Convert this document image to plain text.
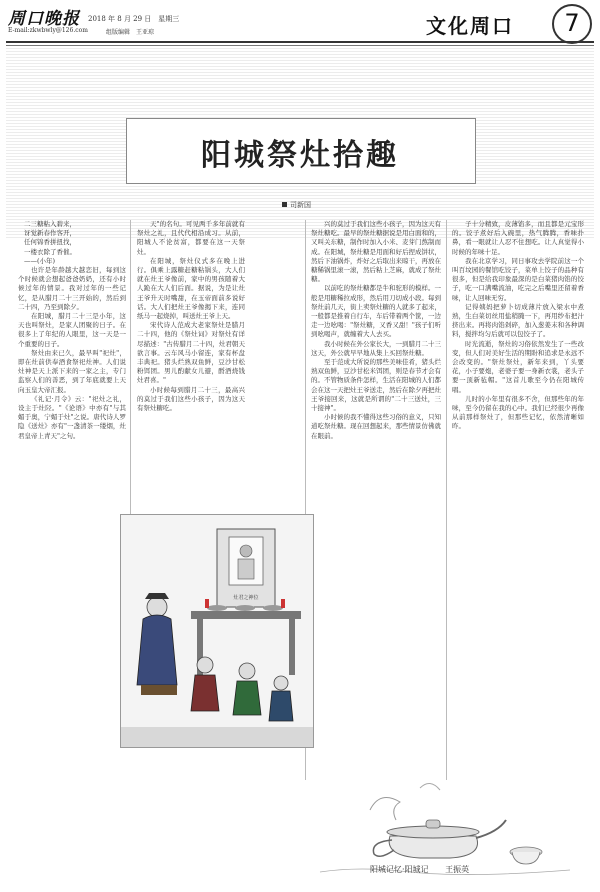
周口晚报 2018 年 8 月 29 日　星期三
E-mail:zkwbwly@126.com	组版编辑　王亚琼	文化周口	7
阳城祭灶拾趣
司新国

二三糖粘入碧来，

讶觉新春作客开，

任何锦香拼扭找，

一楼衣除了香催。

——(小年)

也许是年龄越大越恋旧，每到这个时候就会想起爸爸奶奶，还有小时候过年的情景。我对过年的一些记忆，是从腊月二十三开始的，然后到二十四，乃至到除夕。

在阳城，腊月二十三是小年，这天也叫祭灶，是家人团聚的日子。在很多上了年纪的人眼里，这一天是一个重要的日子。

祭灶由来已久，最早叫"祀灶"，即在灶前供奉酒食祭祀灶神。人们说灶神是天上派下来的一家之主，专门监察人们的善恶，到了年底就要上天向玉皇大帝汇报。

《礼记·月令》云："祀灶之礼，设主于灶陉。"《论语》中亦有"与其媚于奥，宁媚于灶"之说。唐代诗人罗隐《送灶》亦有"一盏清茶一缕烟，灶君皇帝上青天"之句。

天"的名句。可见两千多年前就有祭灶之礼，且代代相沿成习。从前，阳城人不论贫富，都要在这一天祭灶。

在阳城，祭灶仪式多在晚上进行。俱乘上露糖赶糖粘锅头，大人们就在灶王爷像前，家中的男孩随着大人跪在大人们后面。据说，为是让灶王爷升天时嘴甜，在玉帝面前多说好话。大人们把灶王爷像揭下来，连同纸马一起烧掉，叫送灶王爷上天。

宋代诗人范成大老家祭灶是腊月二十四，他的《祭灶词》对祭灶有详尽描述："古传腊月二十四，灶君朝天欲言事。云车风马小留连，家有杯盘丰典祀。猪头烂熟双鱼鲜，豆沙甘松粉饵团。男儿酌献女儿避，酹酒烧钱灶君喜。"

小时候每到腊月二十三，最高兴的莫过于我们这些小孩子，因为这天有祭灶糖吃。

兴的莫过于我们这些小孩子，因为这天有祭灶糖吃。最早的祭灶糖据说是用白面和的，又叫关东糖，制作时加入小米、麦芽门熬制而成。在阳城，祭灶糖是用面和好后捏成饼状，然后下油锅炸，炸好之后取出来晾干，再放在糖稀锅里滚一滚，然后粘上芝麻，就成了祭灶糖。

以前吃的祭灶糖都是牛和驼形的模样。一般是用糖稀拉成形，然后用刀切成小段。每到祭灶前几天，街上卖祭灶糖的人就多了起来，一般都是推着自行车，车后带着两个筐，一边走一边吆喝："祭灶糖，又香又甜！"孩子们听到吆喝声，就缠着大人去买。

我小时候在外公家长大，一到腊月二十三这天，外公就早早地从集上买回祭灶糖。

至于范成大所说的那些美味佳肴，猪头烂熟双鱼鲜，豆沙甘松米饵团，则是春节才会有的。不管物质条件怎样，生活在阳城的人们都会在这一天把灶王爷送走，然后在除夕再把灶王爷接回来，这就是所谓的"二十三送灶，三十接神"。

小时候的我不懂得这些习俗的意义，只知道吃祭灶糖。现在回想起来，那些情景仿佛就在眼前。

子十分精致，皮薄馅多，而且都是元宝形的。饺子煮好后入碗里，热气腾腾，香味扑鼻，看一眼就让人忍不住想吃。让人真觉得小时候的年味十足。

我在北京学习，同日事攻去学院前这一个叫百坟园的餐馆吃饺子，菜单上饺子的品种有很多，但是给我印象最深的是白菜猪肉馅的饺子，吃一口满嘴流油，吃完之后嘴里还留着香味，让人回味无穷。

记得姨妈把萝卜切成薄片放入梁水中煮熟，生白菜切丝用盐稍腌一下，再用纱布把汁挤出来。再将肉馅剁碎，加入葱姜末和各种调料，搅拌均匀后就可以包饺子了。

时光流逝，祭灶的习俗依然发生了一些改变，但人们对美好生活的期盼和追求是永远不会改变的。"祭灶祭灶，新年来到，丫头要花，小子要炮，老婆子要一身新衣裳，老头子要一顶新毡帽。"这首儿歌至今仍在阳城传唱。

儿时的小年里有很多不舍，但那些年的年味，至今仍留在我的心中。我们已经很少再像从前那样祭灶了，但那些记忆，依然清晰如昨。

灶君之神位
阳城记忆·阳城记 王振英
